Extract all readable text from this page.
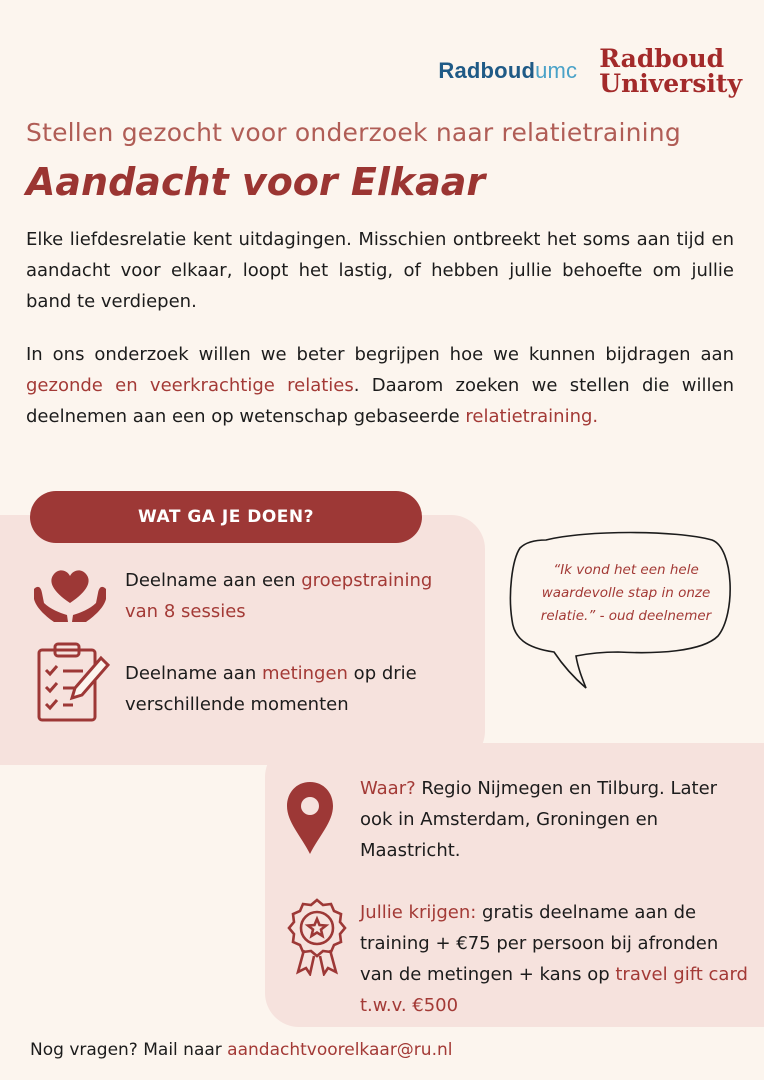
Radboudumc Radboud
University
Stellen gezocht voor onderzoek naar relatietraining
Aandacht voor Elkaar

Elke liefdesrelatie kent uitdagingen. Misschien ontbreekt het soms aan tijd en aandacht voor elkaar, loopt het lastig, of hebben jullie behoefte om jullie band te verdiepen.

In ons onderzoek willen we beter begrijpen hoe we kunnen bijdragen aan gezonde en veerkrachtige relaties. Daarom zoeken we stellen die willen deelnemen aan een op wetenschap gebaseerde relatietraining.

WAT GA JE DOEN?
Deelname aan een groepstraining van 8 sessies
Deelname aan metingen op drie verschillende momenten
“Ik vond het een hele waardevolle stap in onze relatie.” - oud deelnemer
Waar? Regio Nijmegen en Tilburg. Later ook in Amsterdam, Groningen en Maastricht.
Jullie krijgen: gratis deelname aan de training + €75 per persoon bij afronden van de metingen + kans op travel gift card t.w.v. €500
Nog vragen? Mail naar aandachtvoorelkaar@ru.nl
